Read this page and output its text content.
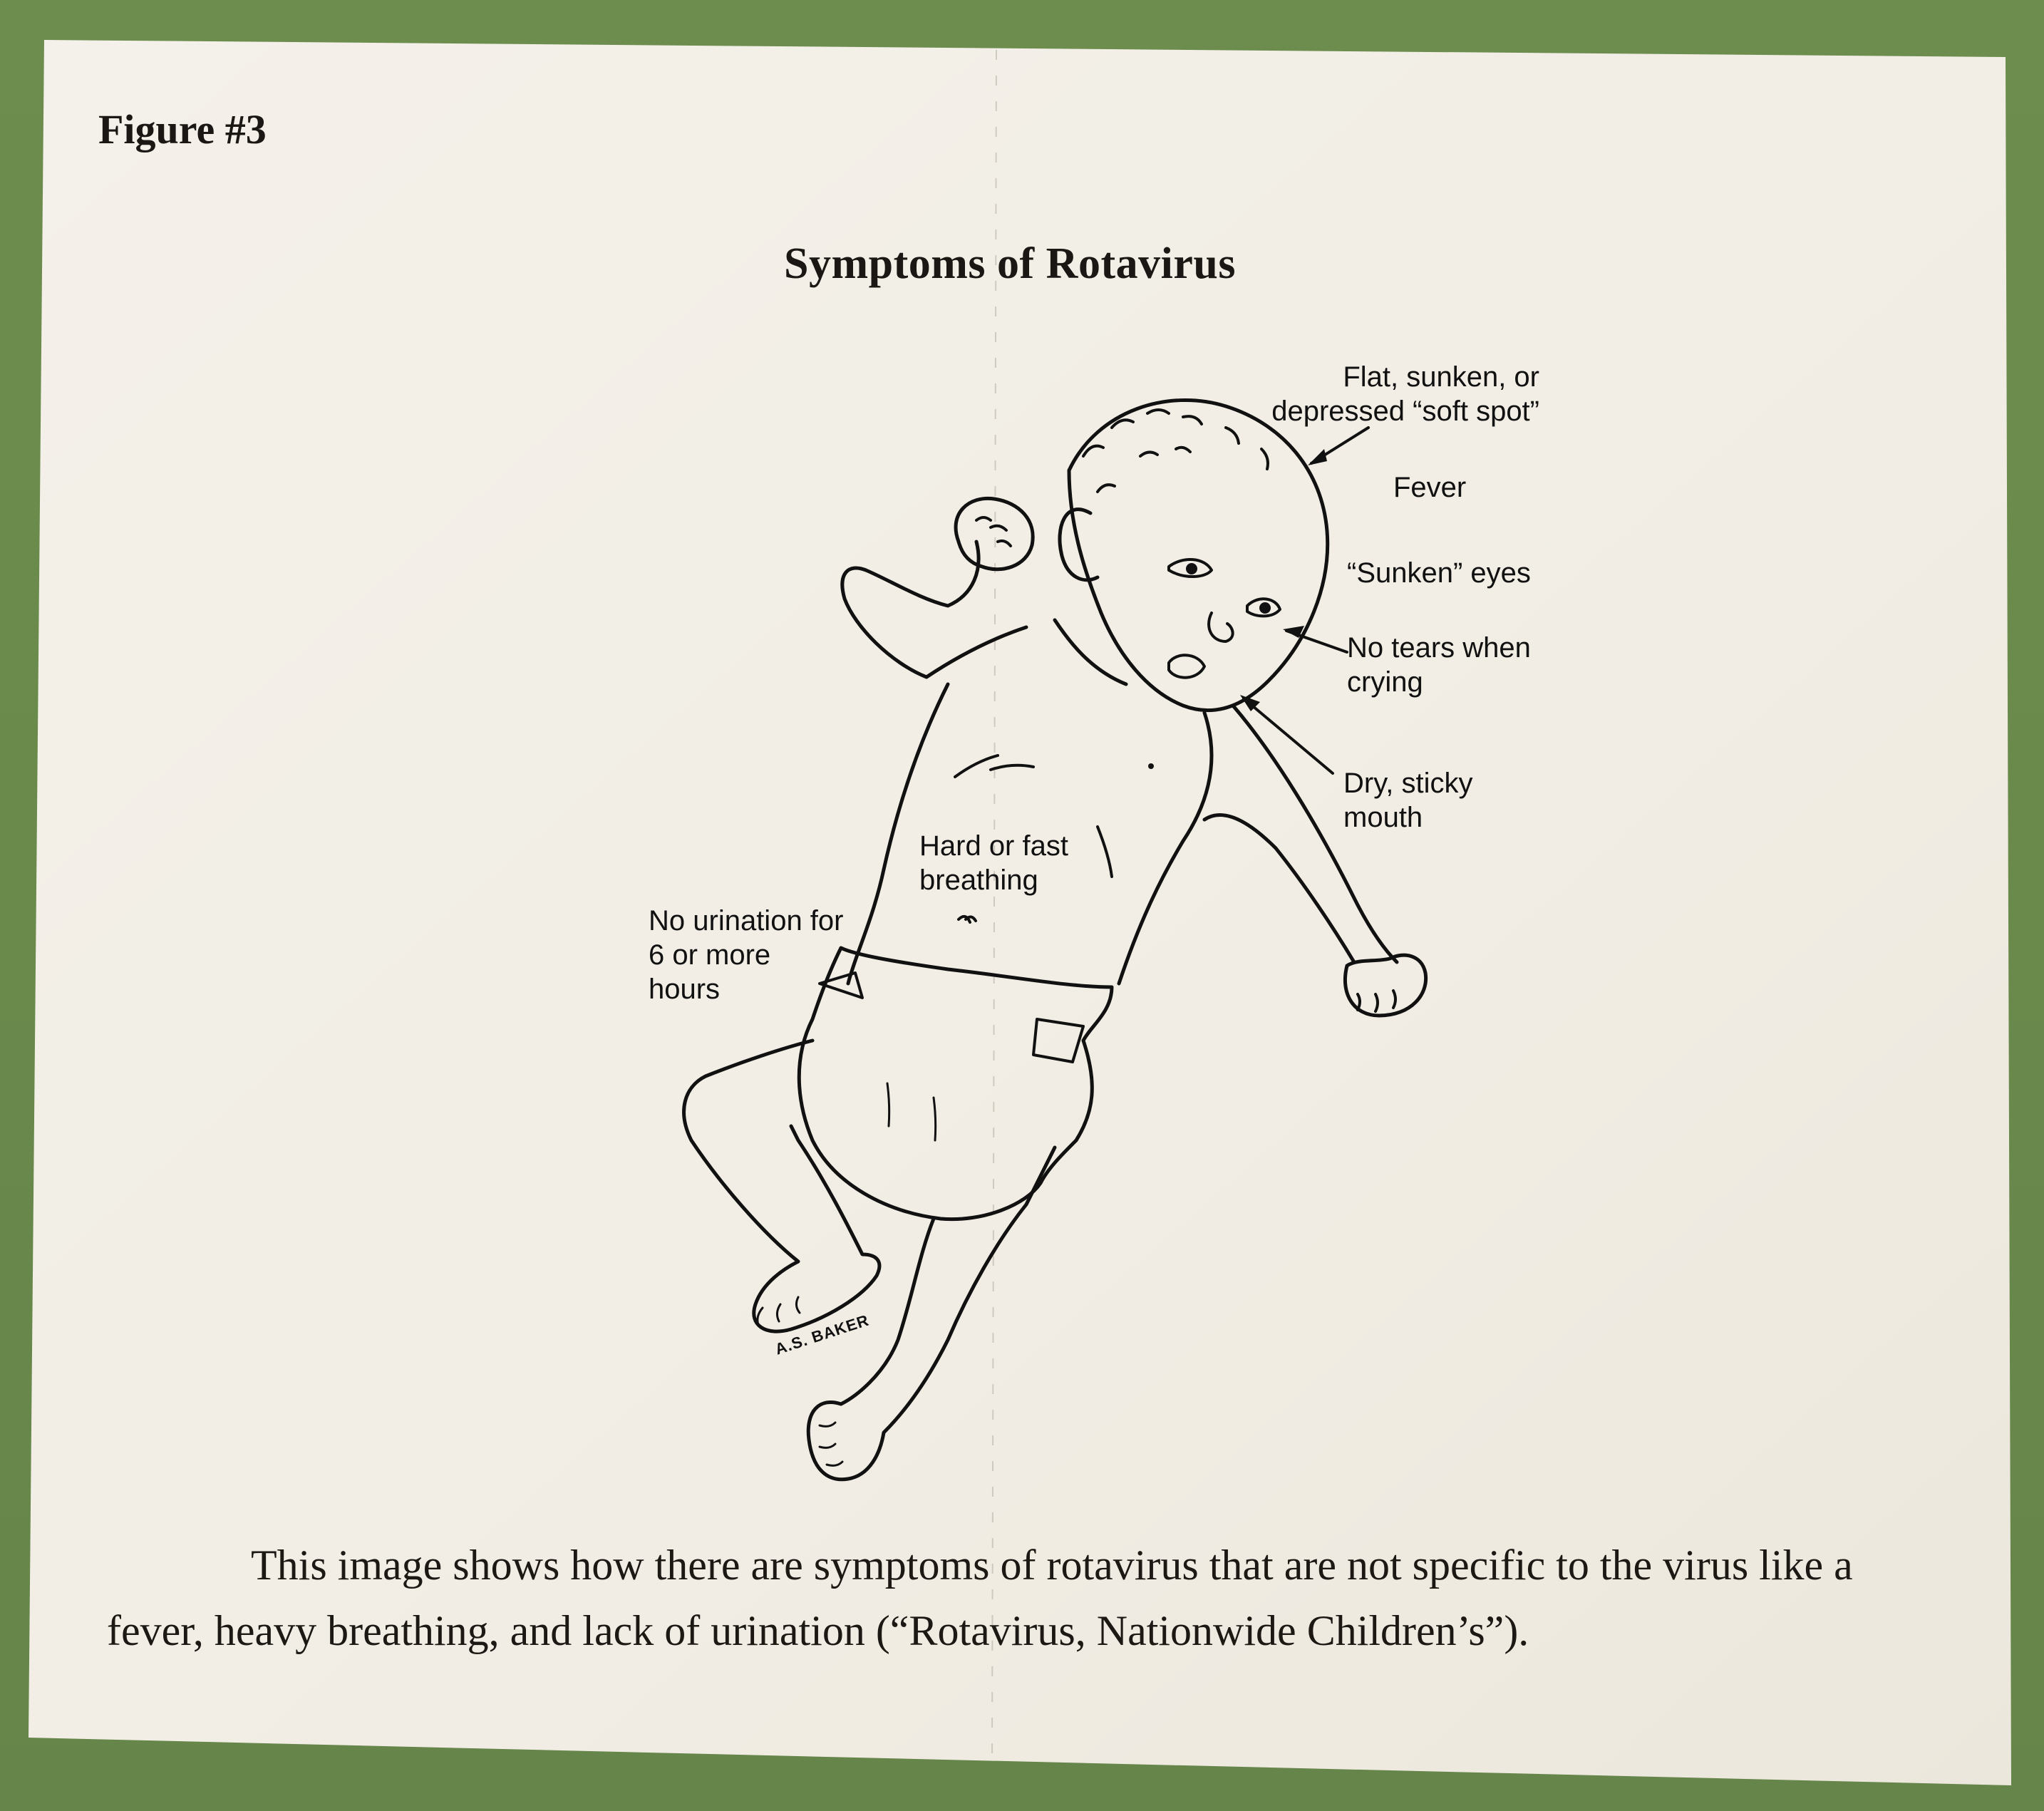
Figure #3
Symptoms of Rotavirus
A.S. BAKER
Flat, sunken, or
depressed “soft spot”
Fever
“Sunken” eyes
No tears when
crying
Dry, sticky
mouth
Hard or fast
breathing
No urination for
6 or more
hours
This image shows how there are symptoms of rotavirus that are not specific to the virus like a fever, heavy breathing, and lack of urination (“Rotavirus, Nationwide Children’s”).
